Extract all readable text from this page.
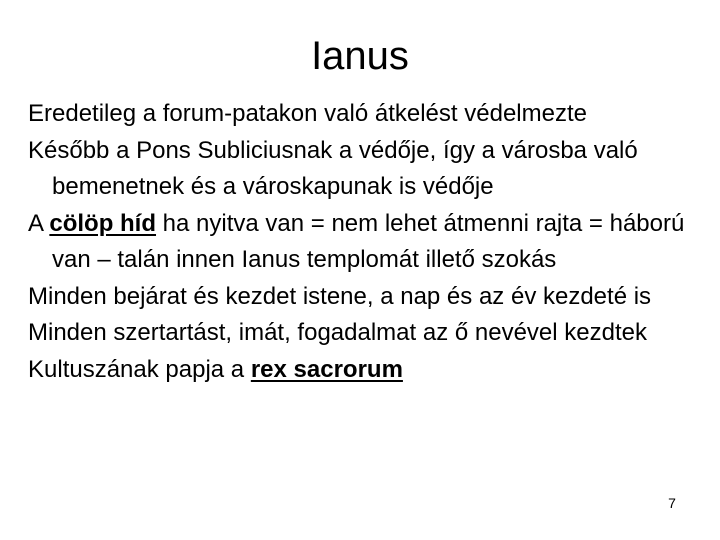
Ianus

Eredetileg a forum-patakon való átkelést védelmezte

Később a Pons Subliciusnak a védője, így a városba való bemenetnek és a városkapunak is védője

A cölöp híd ha nyitva van = nem lehet átmenni rajta = háború van – talán innen Ianus templomát illető szokás

Minden bejárat és kezdet istene, a nap és az év kezdeté is

Minden szertartást, imát, fogadalmat az ő nevével kezdtek

Kultuszának papja a rex sacrorum

7
